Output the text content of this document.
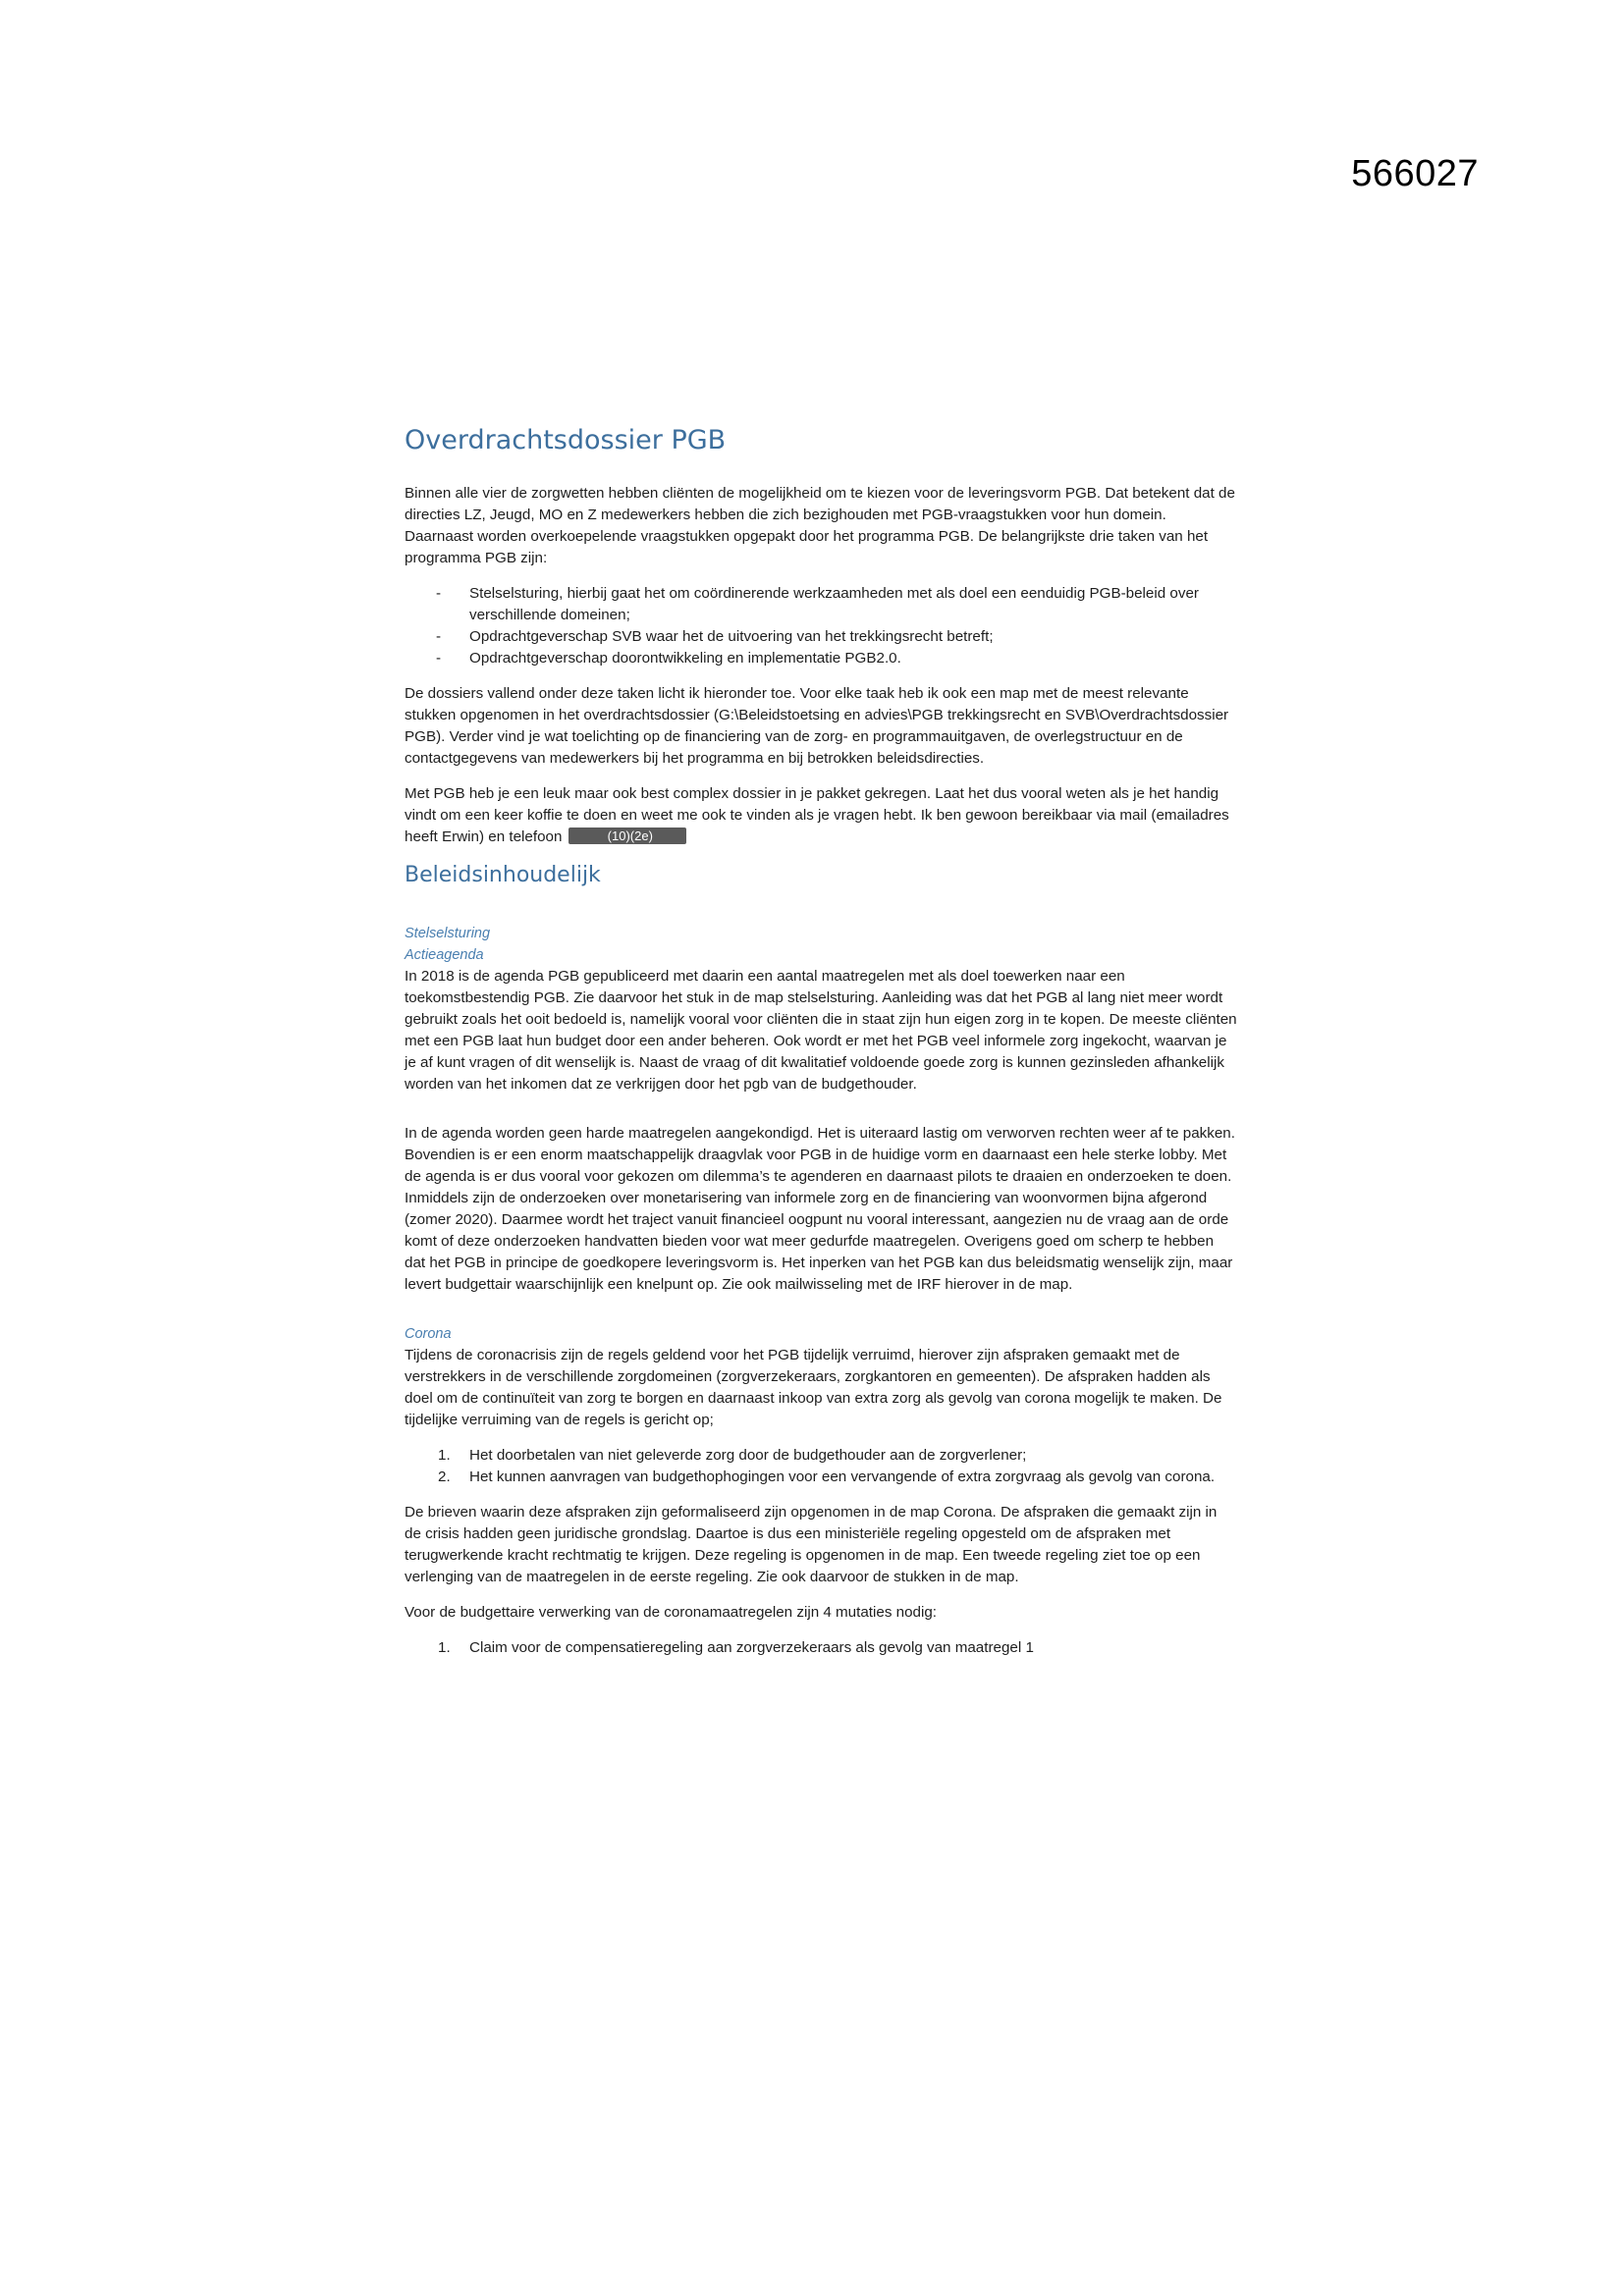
566027
Overdrachtsdossier PGB

Binnen alle vier de zorgwetten hebben cliënten de mogelijkheid om te kiezen voor de leveringsvorm PGB. Dat betekent dat de directies LZ, Jeugd, MO en Z medewerkers hebben die zich bezighouden met PGB-vraagstukken voor hun domein. Daarnaast worden overkoepelende vraagstukken opgepakt door het programma PGB. De belangrijkste drie taken van het programma PGB zijn:

- Stelselsturing, hierbij gaat het om coördinerende werkzaamheden met als doel een eenduidig PGB-beleid over verschillende domeinen;
- Opdrachtgeverschap SVB waar het de uitvoering van het trekkingsrecht betreft;
- Opdrachtgeverschap doorontwikkeling en implementatie PGB2.0.

De dossiers vallend onder deze taken licht ik hieronder toe. Voor elke taak heb ik ook een map met de meest relevante stukken opgenomen in het overdrachtsdossier (G:\Beleidstoetsing en advies\PGB trekkingsrecht en SVB\Overdrachtsdossier PGB). Verder vind je wat toelichting op de financiering van de zorg- en programmauitgaven, de overlegstructuur en de contactgegevens van medewerkers bij het programma en bij betrokken beleidsdirecties.

Met PGB heb je een leuk maar ook best complex dossier in je pakket gekregen. Laat het dus vooral weten als je het handig vindt om een keer koffie te doen en weet me ook te vinden als je vragen hebt. Ik ben gewoon bereikbaar via mail (emailadres heeft Erwin) en telefoon	(10)(2e)

Beleidsinhoudelijk
Stelselsturing
Actieagenda

In 2018 is de agenda PGB gepubliceerd met daarin een aantal maatregelen met als doel toewerken naar een toekomstbestendig PGB. Zie daarvoor het stuk in de map stelselsturing. Aanleiding was dat het PGB al lang niet meer wordt gebruikt zoals het ooit bedoeld is, namelijk vooral voor cliënten die in staat zijn hun eigen zorg in te kopen. De meeste cliënten met een PGB laat hun budget door een ander beheren. Ook wordt er met het PGB veel informele zorg ingekocht, waarvan je je af kunt vragen of dit wenselijk is. Naast de vraag of dit kwalitatief voldoende goede zorg is kunnen gezinsleden afhankelijk worden van het inkomen dat ze verkrijgen door het pgb van de budgethouder.

In de agenda worden geen harde maatregelen aangekondigd. Het is uiteraard lastig om verworven rechten weer af te pakken. Bovendien is er een enorm maatschappelijk draagvlak voor PGB in de huidige vorm en daarnaast een hele sterke lobby. Met de agenda is er dus vooral voor gekozen om dilemma’s te agenderen en daarnaast pilots te draaien en onderzoeken te doen. Inmiddels zijn de onderzoeken over monetarisering van informele zorg en de financiering van woonvormen bijna afgerond (zomer 2020). Daarmee wordt het traject vanuit financieel oogpunt nu vooral interessant, aangezien nu de vraag aan de orde komt of deze onderzoeken handvatten bieden voor wat meer gedurfde maatregelen. Overigens goed om scherp te hebben dat het PGB in principe de goedkopere leveringsvorm is. Het inperken van het PGB kan dus beleidsmatig wenselijk zijn, maar levert budgettair waarschijnlijk een knelpunt op. Zie ook mailwisseling met de IRF hierover in de map.

Corona

Tijdens de coronacrisis zijn de regels geldend voor het PGB tijdelijk verruimd, hierover zijn afspraken gemaakt met de verstrekkers in de verschillende zorgdomeinen (zorgverzekeraars, zorgkantoren en gemeenten). De afspraken hadden als doel om de continuïteit van zorg te borgen en daarnaast inkoop van extra zorg als gevolg van corona mogelijk te maken. De tijdelijke verruiming van de regels is gericht op;

1. Het doorbetalen van niet geleverde zorg door de budgethouder aan de zorgverlener;
2. Het kunnen aanvragen van budgethophogingen voor een vervangende of extra zorgvraag als gevolg van corona.

De brieven waarin deze afspraken zijn geformaliseerd zijn opgenomen in de map Corona. De afspraken die gemaakt zijn in de crisis hadden geen juridische grondslag. Daartoe is dus een ministeriële regeling opgesteld om de afspraken met terugwerkende kracht rechtmatig te krijgen. Deze regeling is opgenomen in de map. Een tweede regeling ziet toe op een verlenging van de maatregelen in de eerste regeling. Zie ook daarvoor de stukken in de map.

Voor de budgettaire verwerking van de coronamaatregelen zijn 4 mutaties nodig:

1. Claim voor de compensatieregeling aan zorgverzekeraars als gevolg van maatregel 1
